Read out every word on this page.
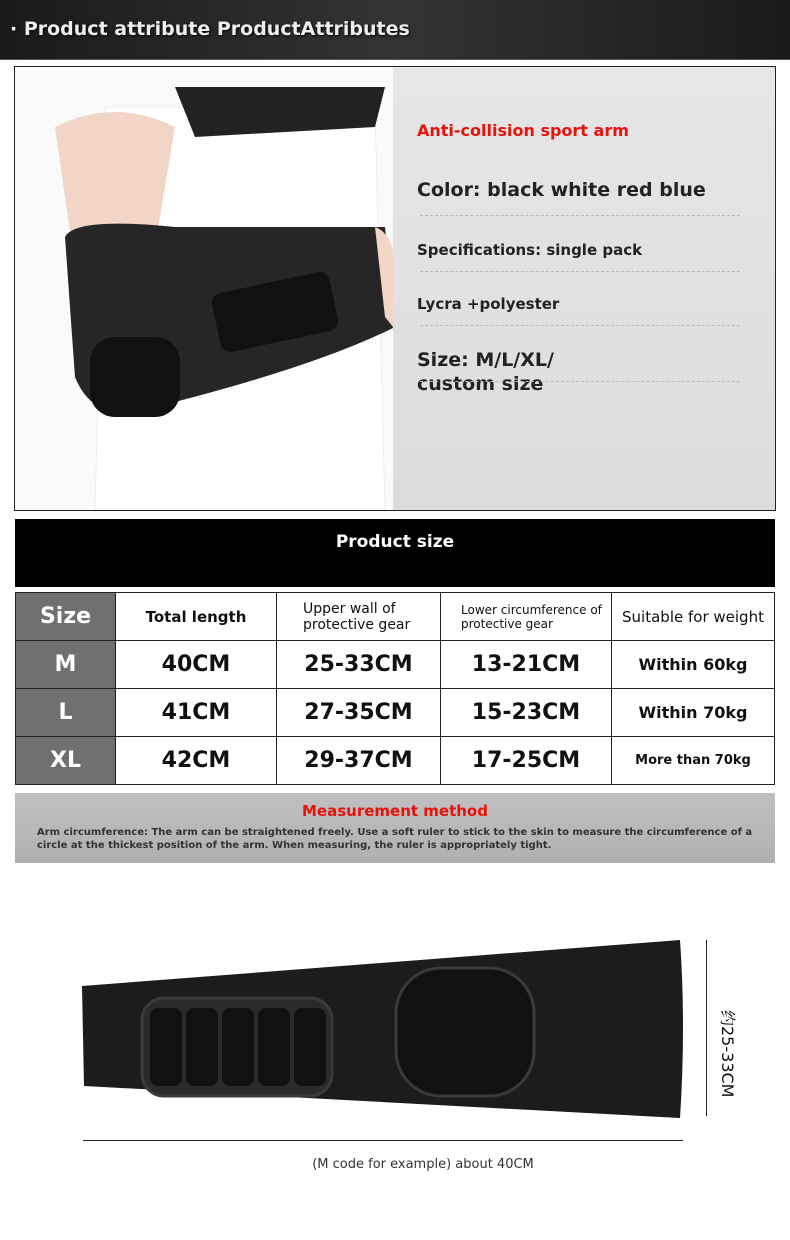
· Product attribute ProductAttributes
Anti-collision sport arm
Color: black white red blue
Specifications: single pack
Lycra +polyester
Size: M/L/XL/
custom size
Product size
Size	Total length	Upper wall of protective gear	Lower circumference of protective gear	Suitable for weight
M	40CM	25-33CM	13-21CM	Within 60kg
L	41CM	27-35CM	15-23CM	Within 70kg
XL	42CM	29-37CM	17-25CM	More than 70kg
Measurement method
Arm circumference: The arm can be straightened freely. Use a soft ruler to stick to the skin to measure the circumference of a circle at the thickest position of the arm. When measuring, the ruler is appropriately tight.
约25-33CM
(M code for example) about 40CM
